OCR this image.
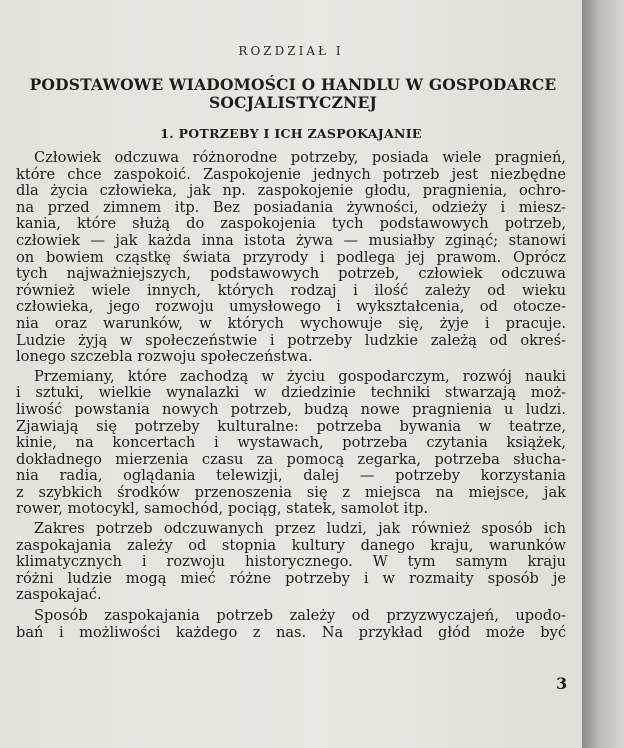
ROZDZIAŁ I
PODSTAWOWE WIADOMOŚCI O HANDLU W GOSPODARCE
SOCJALISTYCZNEJ
1. POTRZEBY I ICH ZASPOKAJANIE
Człowiek odczuwa różnorodne potrzeby, posiada wiele pragnień,
które chce zaspokoić. Zaspokojenie jednych potrzeb jest niezbędne
dla życia człowieka, jak np. zaspokojenie głodu, pragnienia, ochro-
na przed zimnem itp. Bez posiadania żywności, odzieży i miesz-
kania, które służą do zaspokojenia tych podstawowych potrzeb,
człowiek — jak każda inna istota żywa — musiałby zginąć; stanowi
on bowiem cząstkę świata przyrody i podlega jej prawom. Oprócz
tych najważniejszych, podstawowych potrzeb, człowiek odczuwa
również wiele innych, których rodzaj i ilość zależy od wieku
człowieka, jego rozwoju umysłowego i wykształcenia, od otocze-
nia oraz warunków, w których wychowuje się, żyje i pracuje.
Ludzie żyją w społeczeństwie i potrzeby ludzkie zależą od okreś-
lonego szczebla rozwoju społeczeństwa.
Przemiany, które zachodzą w życiu gospodarczym, rozwój nauki
i sztuki, wielkie wynalazki w dziedzinie techniki stwarzają moż-
liwość powstania nowych potrzeb, budzą nowe pragnienia u ludzi.
Zjawiają się potrzeby kulturalne: potrzeba bywania w teatrze,
kinie, na koncertach i wystawach, potrzeba czytania książek,
dokładnego mierzenia czasu za pomocą zegarka, potrzeba słucha-
nia radia, oglądania telewizji, dalej — potrzeby korzystania
z szybkich środków przenoszenia się z miejsca na miejsce, jak
rower, motocykl, samochód, pociąg, statek, samolot itp.
Zakres potrzeb odczuwanych przez ludzi, jak również sposób ich
zaspokajania zależy od stopnia kultury danego kraju, warunków
klimatycznych i rozwoju historycznego. W tym samym kraju
różni ludzie mogą mieć różne potrzeby i w rozmaity sposób je
zaspokajać.
Sposób zaspokajania potrzeb zależy od przyzwyczajeń, upodo-
bań i możliwości każdego z nas. Na przykład głód może być
3
